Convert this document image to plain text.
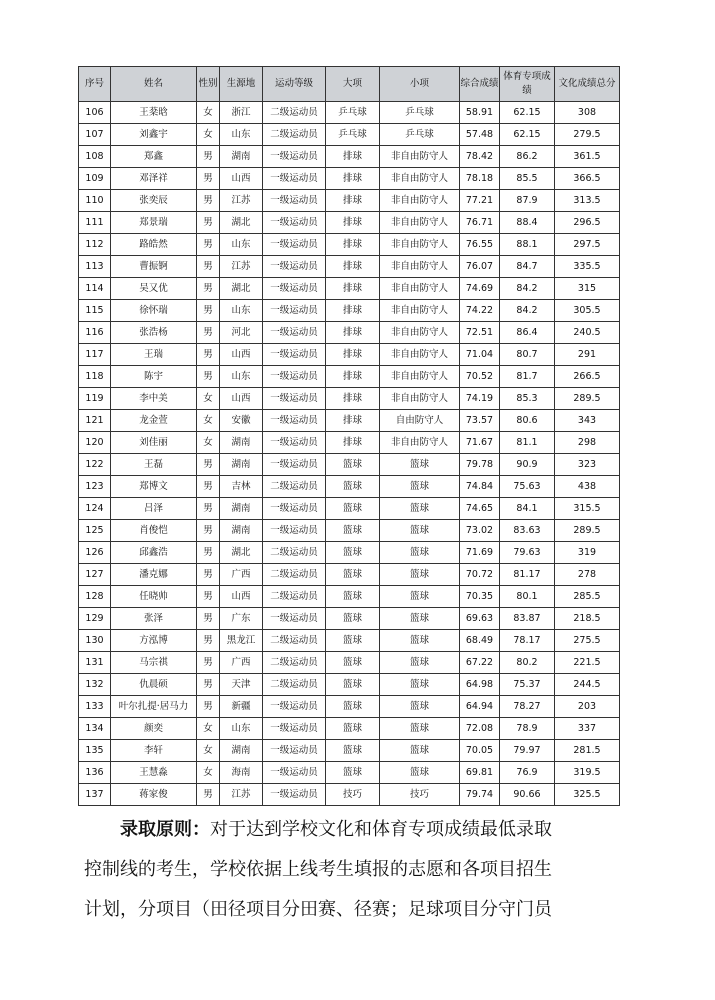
序号	姓名	性别	生源地	运动等级	大项	小项	综合成绩	体育专项成绩	文化成绩总分
106	王棻晗	女	浙江	二级运动员	乒乓球	乒乓球	58.91	62.15	308
107	刘鑫宇	女	山东	二级运动员	乒乓球	乒乓球	57.48	62.15	279.5
108	郑鑫	男	湖南	一级运动员	排球	非自由防守人	78.42	86.2	361.5
109	邓泽祥	男	山西	一级运动员	排球	非自由防守人	78.18	85.5	366.5
110	张奕辰	男	江苏	一级运动员	排球	非自由防守人	77.21	87.9	313.5
111	郑景瑞	男	湖北	一级运动员	排球	非自由防守人	76.71	88.4	296.5
112	路皓然	男	山东	一级运动员	排球	非自由防守人	76.55	88.1	297.5
113	曹振锕	男	江苏	一级运动员	排球	非自由防守人	76.07	84.7	335.5
114	吴又优	男	湖北	一级运动员	排球	非自由防守人	74.69	84.2	315
115	徐怀瑞	男	山东	一级运动员	排球	非自由防守人	74.22	84.2	305.5
116	张浩杨	男	河北	一级运动员	排球	非自由防守人	72.51	86.4	240.5
117	王瑞	男	山西	一级运动员	排球	非自由防守人	71.04	80.7	291
118	陈宇	男	山东	一级运动员	排球	非自由防守人	70.52	81.7	266.5
119	李中美	女	山西	一级运动员	排球	非自由防守人	74.19	85.3	289.5
121	龙金萱	女	安徽	一级运动员	排球	自由防守人	73.57	80.6	343
120	刘佳丽	女	湖南	一级运动员	排球	非自由防守人	71.67	81.1	298
122	王磊	男	湖南	一级运动员	篮球	篮球	79.78	90.9	323
123	郑博文	男	吉林	二级运动员	篮球	篮球	74.84	75.63	438
124	吕泽	男	湖南	一级运动员	篮球	篮球	74.65	84.1	315.5
125	肖俊恺	男	湖南	一级运动员	篮球	篮球	73.02	83.63	289.5
126	邱鑫浩	男	湖北	二级运动员	篮球	篮球	71.69	79.63	319
127	潘克娜	男	广西	二级运动员	篮球	篮球	70.72	81.17	278
128	任晓帅	男	山西	二级运动员	篮球	篮球	70.35	80.1	285.5
129	张泽	男	广东	一级运动员	篮球	篮球	69.63	83.87	218.5
130	方泓博	男	黑龙江	二级运动员	篮球	篮球	68.49	78.17	275.5
131	马宗祺	男	广西	二级运动员	篮球	篮球	67.22	80.2	221.5
132	仇晨硕	男	天津	二级运动员	篮球	篮球	64.98	75.37	244.5
133	叶尔扎提·居马力	男	新疆	一级运动员	篮球	篮球	64.94	78.27	203
134	颜奕	女	山东	一级运动员	篮球	篮球	72.08	78.9	337
135	李轩	女	湖南	一级运动员	篮球	篮球	70.05	79.97	281.5
136	王慧淼	女	海南	一级运动员	篮球	篮球	69.81	76.9	319.5
137	蒋家俊	男	江苏	一级运动员	技巧	技巧	79.74	90.66	325.5

录取原则：对于达到学校文化和体育专项成绩最低录取
控制线的考生，学校依据上线考生填报的志愿和各项目招生
计划，分项目（田径项目分田赛、径赛；足球项目分守门员
